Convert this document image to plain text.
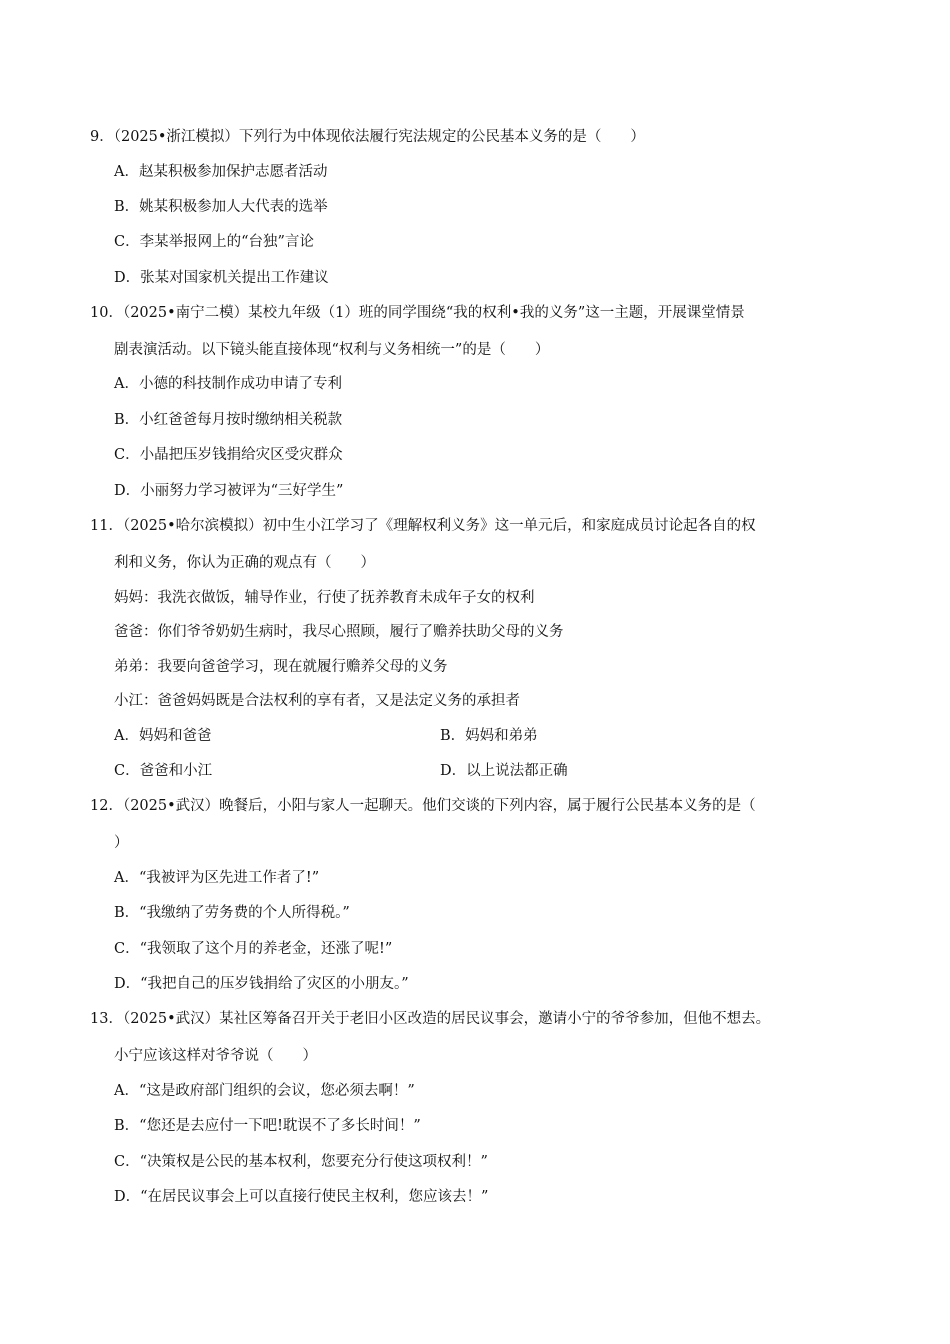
9．（2025•浙江模拟）下列行为中体现依法履行宪法规定的公民基本义务的是（　　）
A．赵某积极参加保护志愿者活动
B．姚某积极参加人大代表的选举
C．李某举报网上的“台独”言论
D．张某对国家机关提出工作建议
10．（2025•南宁二模）某校九年级（1）班的同学围绕“我的权利•我的义务”这一主题，开展课堂情景
剧表演活动。以下镜头能直接体现“权利与义务相统一”的是（　　）
A．小德的科技制作成功申请了专利
B．小红爸爸每月按时缴纳相关税款
C．小晶把压岁钱捐给灾区受灾群众
D．小丽努力学习被评为“三好学生”
11．（2025•哈尔滨模拟）初中生小江学习了《理解权利义务》这一单元后，和家庭成员讨论起各自的权
利和义务，你认为正确的观点有（　　）
妈妈：我洗衣做饭，辅导作业，行使了抚养教育未成年子女的权利
爸爸：你们爷爷奶奶生病时，我尽心照顾，履行了赡养扶助父母的义务
弟弟：我要向爸爸学习，现在就履行赡养父母的义务
小江：爸爸妈妈既是合法权利的享有者，又是法定义务的承担者
A．妈妈和爸爸	B．妈妈和弟弟
C．爸爸和小江	D．以上说法都正确
12．（2025•武汉）晚餐后，小阳与家人一起聊天。他们交谈的下列内容，属于履行公民基本义务的是（
）
A．“我被评为区先进工作者了!”
B．“我缴纳了劳务费的个人所得税。”
C．“我领取了这个月的养老金，还涨了呢!”
D．“我把自己的压岁钱捐给了灾区的小朋友。”
13．（2025•武汉）某社区筹备召开关于老旧小区改造的居民议事会，邀请小宁的爷爷参加，但他不想去。
小宁应该这样对爷爷说（　　）
A．“这是政府部门组织的会议，您必须去啊！”
B．“您还是去应付一下吧!耽误不了多长时间！”
C．“决策权是公民的基本权利，您要充分行使这项权利！”
D．“在居民议事会上可以直接行使民主权利，您应该去！”
